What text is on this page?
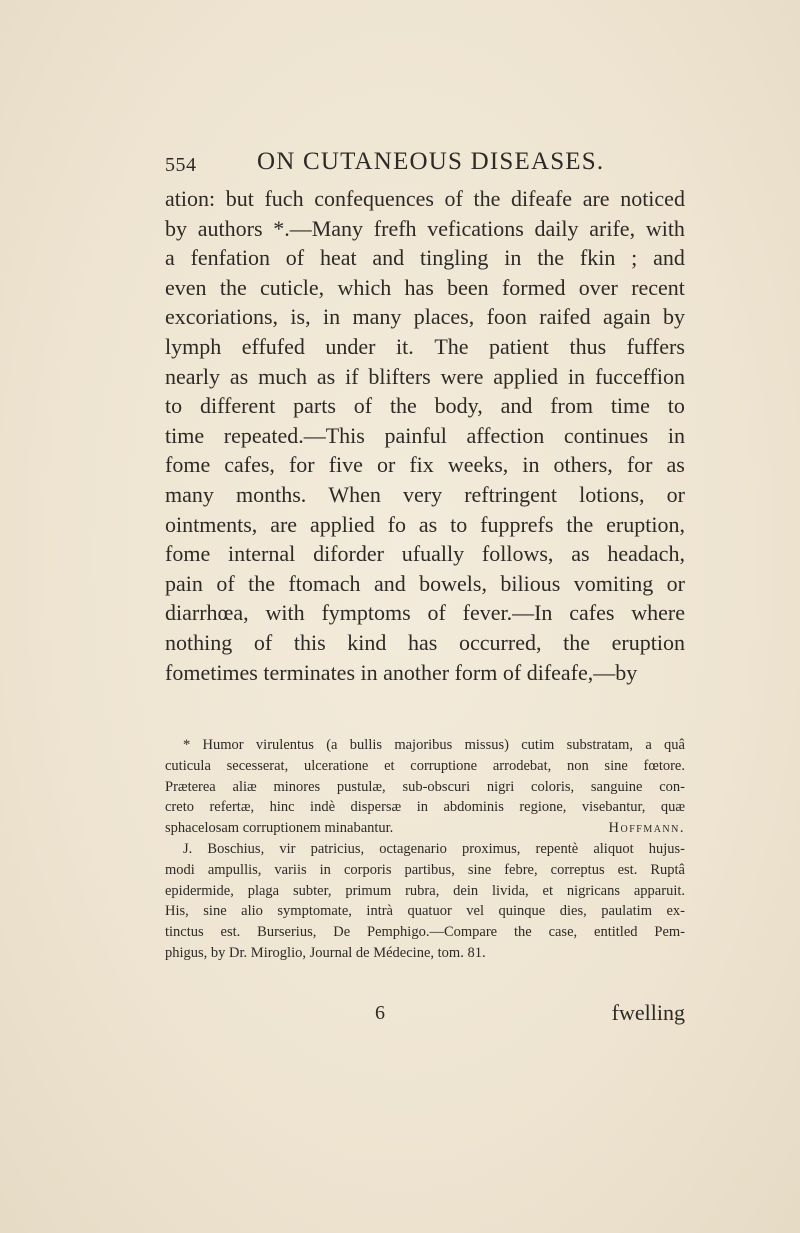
554 ON CUTANEOUS DISEASES.
ation: but fuch confequences of the difeafe are noticed
by authors *.—Many frefh vefications daily arife, with
a fenfation of heat and tingling in the fkin ; and
even the cuticle, which has been formed over recent
excoriations, is, in many places, foon raifed again by
lymph effufed under it. The patient thus fuffers
nearly as much as if blifters were applied in fucceffion
to different parts of the body, and from time to
time repeated.—This painful affection continues in
fome cafes, for five or fix weeks, in others, for as
many months. When very reftringent lotions, or
ointments, are applied fo as to fupprefs the eruption,
fome internal diforder ufually follows, as headach,
pain of the ftomach and bowels, bilious vomiting or
diarrhœa, with fymptoms of fever.—In cafes where
nothing of this kind has occurred, the eruption
fometimes terminates in another form of difeafe,—by
* Humor virulentus (a bullis majoribus missus) cutim substratam, a quâ
cuticula secesserat, ulceratione et corruptione arrodebat, non sine fœtore.
Præterea aliæ minores pustulæ, sub-obscuri nigri coloris, sanguine con-
creto refertæ, hinc indè dispersæ in abdominis regione, visebantur, quæ
sphacelosam corruptionem minabantur.	Hoffmann.
J. Boschius, vir patricius, octagenario proximus, repentè aliquot hujus-
modi ampullis, variis in corporis partibus, sine febre, correptus est. Ruptâ
epidermide, plaga subter, primum rubra, dein livida, et nigricans apparuit.
His, sine alio symptomate, intrà quatuor vel quinque dies, paulatim ex-
tinctus est. Burserius, De Pemphigo.—Compare the case, entitled Pem-
phigus, by Dr. Miroglio, Journal de Médecine, tom. 81.
6	fwelling
